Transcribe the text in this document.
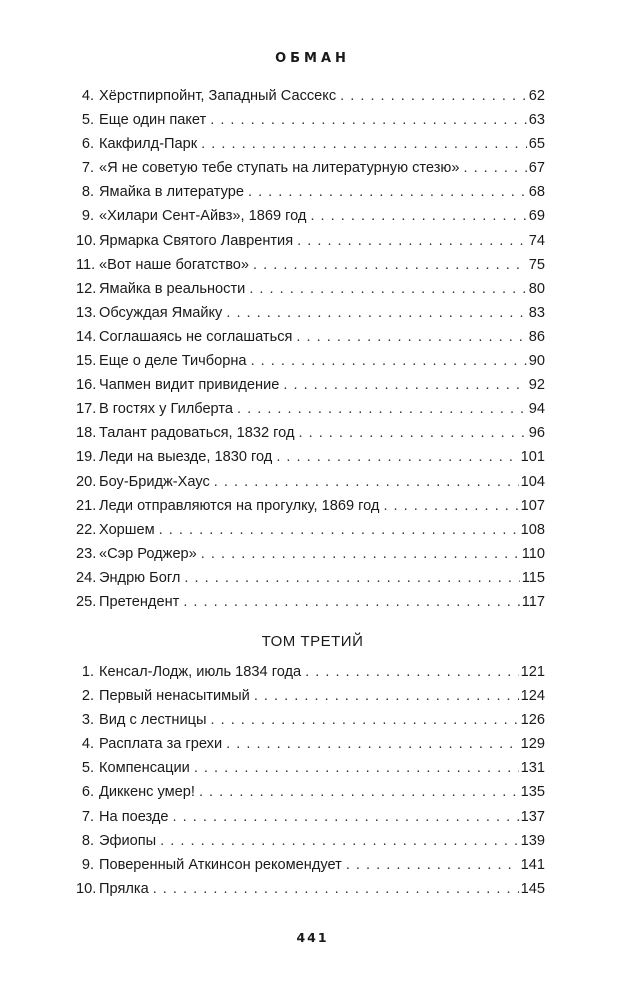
ОБМАН
4. Хёрстпирпойнт, Западный Сассекс . . .	62
5. Еще один пакет . . .	63
6. Какфилд-Парк . . .	65
7. «Я не советую тебе ступать на литературную стезю» . . .	67
8. Ямайка в литературе . . .	68
9. «Хилари Сент-Айвз», 1869 год . . .	69
10. Ярмарка Святого Лаврентия . . .	74
11. «Вот наше богатство» . . .	75
12. Ямайка в реальности . . .	80
13. Обсуждая Ямайку . . .	83
14. Соглашаясь не соглашаться . . .	86
15. Еще о деле Тичборна . . .	90
16. Чапмен видит привидение . . .	92
17. В гостях у Гилберта . . .	94
18. Талант радоваться, 1832 год . . .	96
19. Леди на выезде, 1830 год . . .	101
20. Боу-Бридж-Хаус . . .	104
21. Леди отправляются на прогулку, 1869 год . . .	107
22. Хоршем . . .	108
23. «Сэр Роджер» . . .	110
24. Эндрю Богл . . .	115
25. Претендент . . .	117
ТОМ ТРЕТИЙ
1. Кенсал-Лодж, июль 1834 года . . .	121
2. Первый ненасытимый . . .	124
3. Вид с лестницы . . .	126
4. Расплата за грехи . . .	129
5. Компенсации . . .	131
6. Диккенс умер! . . .	135
7. На поезде . . .	137
8. Эфиопы . . .	139
9. Поверенный Аткинсон рекомендует . . .	141
10. Прялка . . .	145
441
